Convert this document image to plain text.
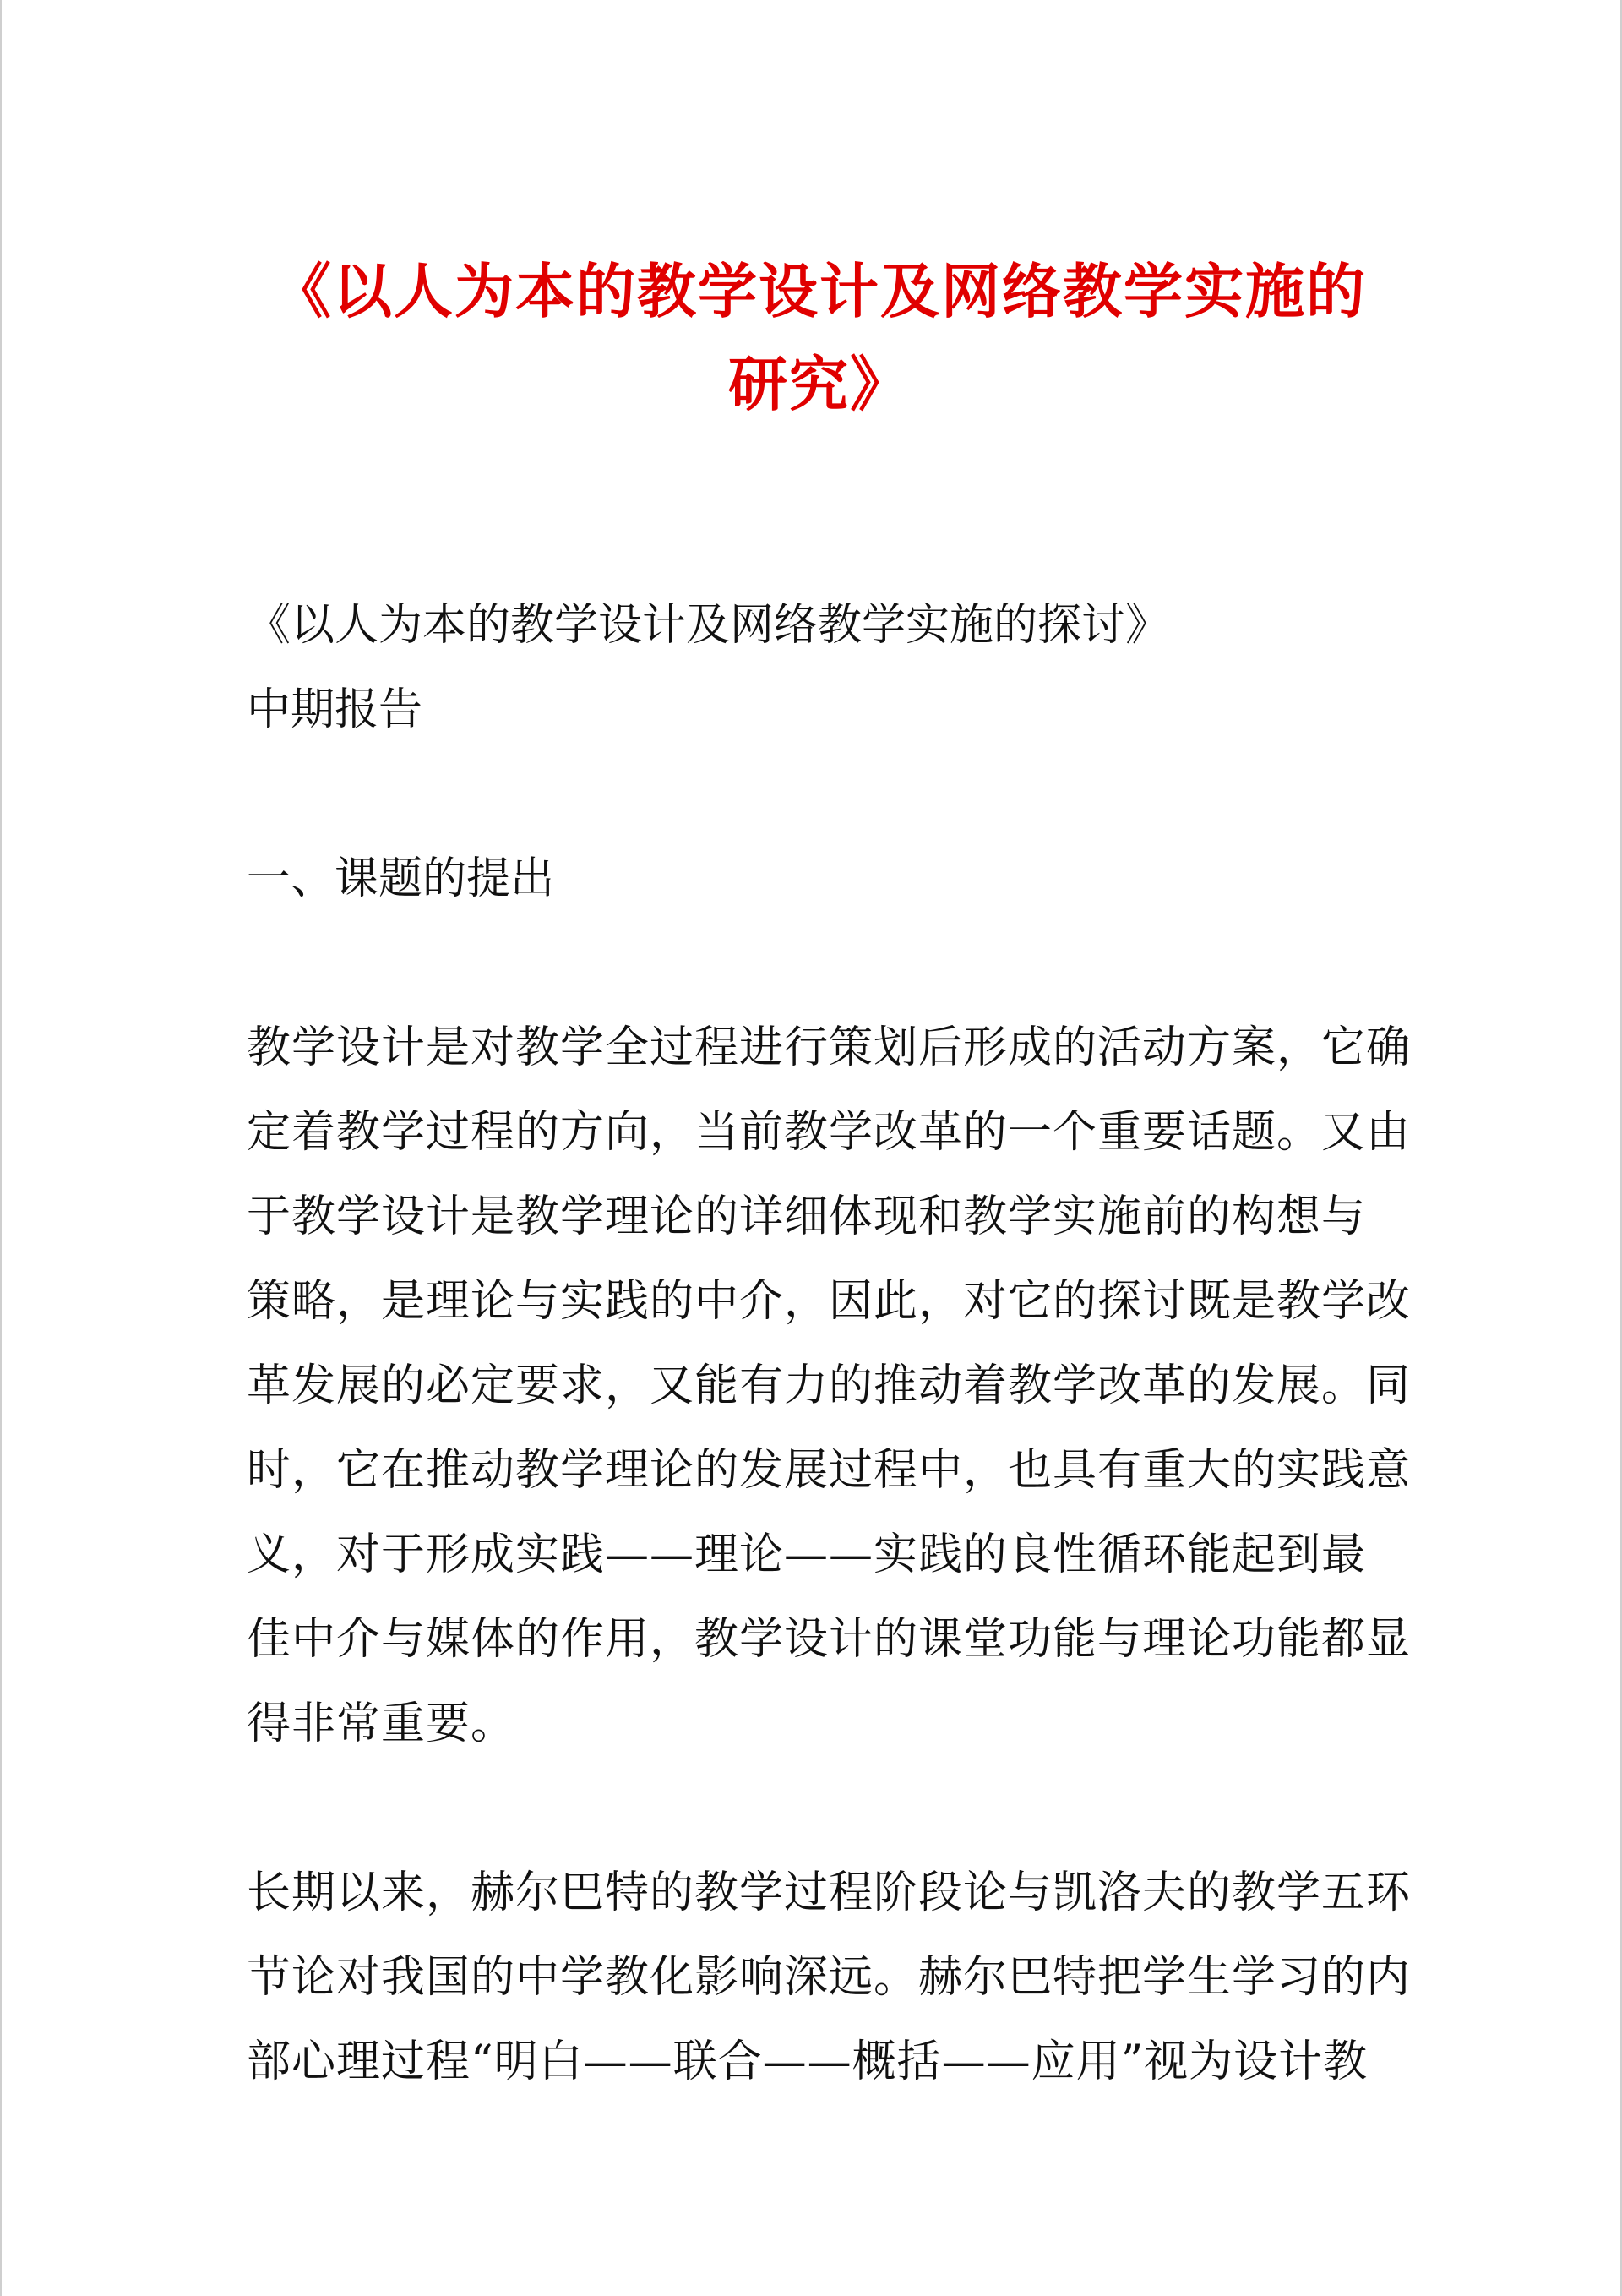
《以人为本的教学设计及网络教学实施的
研究》
《以人为本的教学设计及网络教学实施的探讨》
中期报告
一、课题的提出
教学设计是对教学全过程进行策划后形成的活动方案，它确
定着教学过程的方向，当前教学改革的一个重要话题。又由
于教学设计是教学理论的详细体现和教学实施前的构想与
策略，是理论与实践的中介，因此，对它的探讨既是教学改
革发展的必定要求，又能有力的推动着教学改革的发展。同
时，它在推动教学理论的发展过程中，也具有重大的实践意
义，对于形成实践——理论——实践的良性循环能起到最
佳中介与媒体的作用，教学设计的课堂功能与理论功能都显
得非常重要。
长期以来，赫尔巴特的教学过程阶段论与凯洛夫的教学五环
节论对我国的中学教化影响深远。赫尔巴特把学生学习的内
部心理过程“明白——联合——概括——应用”视为设计教
